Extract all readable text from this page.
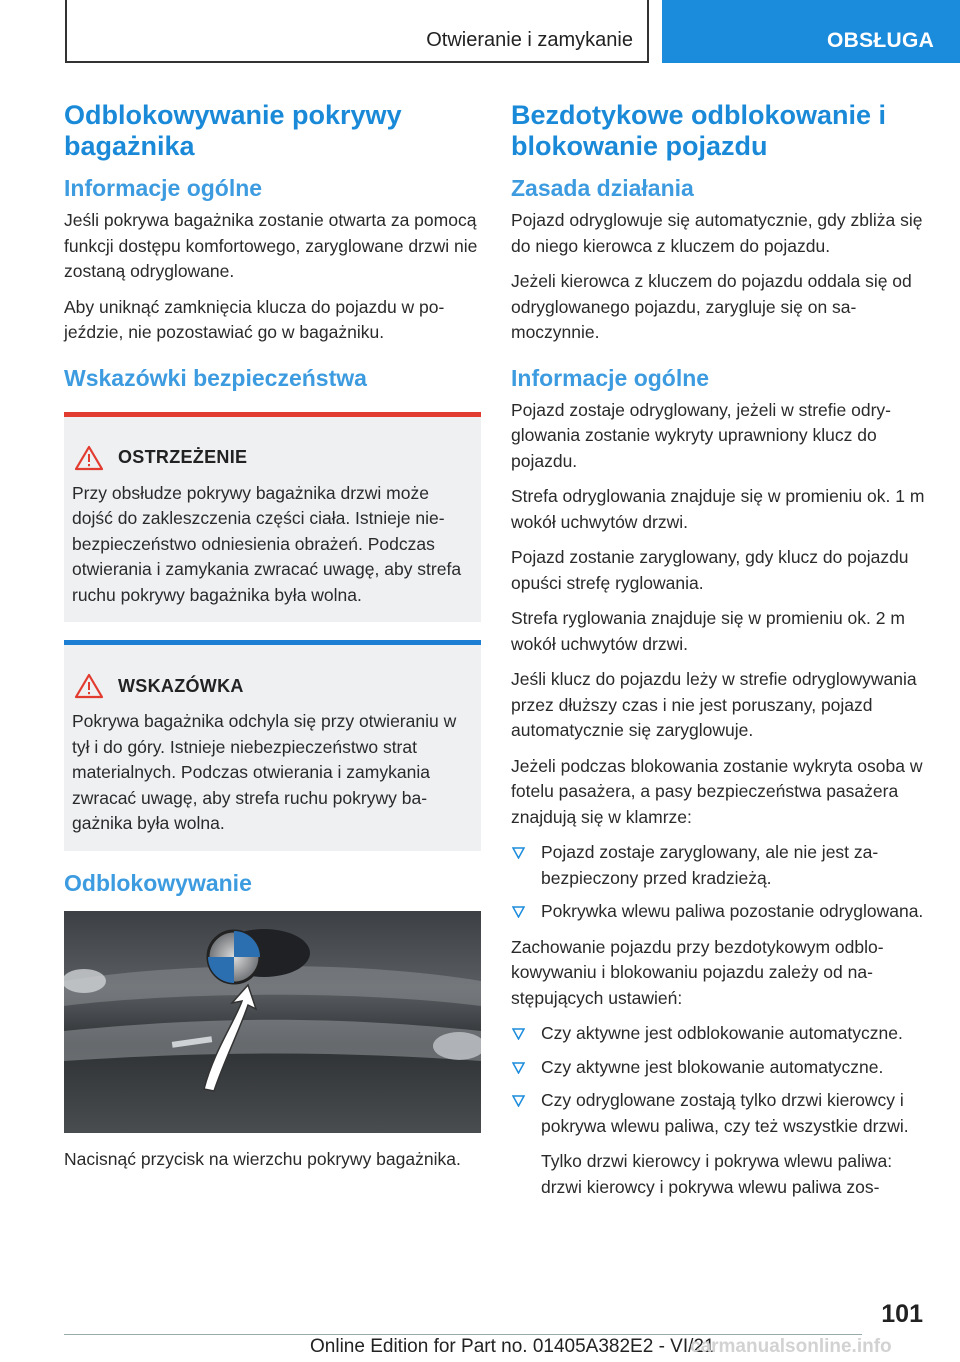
Otwieranie i zamykanie	OBSŁUGA
Odblokowywanie pokrywy bagażnika
Informacje ogólne

Jeśli pokrywa bagażnika zostanie otwarta za pomocą funkcji dostępu komfortowego, zaryglowane drzwi nie zostaną odryglowane.

Aby uniknąć zamknięcia klucza do pojazdu w pojeździe, nie pozostawiać go w bagażniku.

Wskazówki bezpieczeństwa
OSTRZEŻENIE

Przy obsłudze pokrywy bagażnika drzwi może dojść do zakleszczenia części ciała. Istnieje niebezpieczeństwo odniesienia obrażeń. Podczas otwierania i zamykania zwracać uwagę, aby strefa ruchu pokrywy bagażnika była wolna.

WSKAZÓWKA

Pokrywa bagażnika odchyla się przy otwieraniu w tył i do góry. Istnieje niebezpieczeństwo strat materialnych. Podczas otwierania i zamykania zwracać uwagę, aby strefa ruchu pokrywy bagażnika była wolna.

Odblokowywanie

Nacisnąć przycisk na wierzchu pokrywy bagażnika.

Bezdotykowe odblokowanie i blokowanie pojazdu
Zasada działania

Pojazd odryglowuje się automatycznie, gdy zbliża się do niego kierowca z kluczem do pojazdu.

Jeżeli kierowca z kluczem do pojazdu oddala się od odryglowanego pojazdu, zarygluje się on samoczynnie.

Informacje ogólne

Pojazd zostaje odryglowany, jeżeli w strefie odryglowania zostanie wykryty uprawniony klucz do pojazdu.

Strefa odryglowania znajduje się w promieniu ok. 1 m wokół uchwytów drzwi.

Pojazd zostanie zaryglowany, gdy klucz do pojazdu opuści strefę ryglowania.

Strefa ryglowania znajduje się w promieniu ok. 2 m wokół uchwytów drzwi.

Jeśli klucz do pojazdu leży w strefie odryglowywania przez dłuższy czas i nie jest poruszany, pojazd automatycznie się zaryglowuje.

Jeżeli podczas blokowania zostanie wykryta osoba w fotelu pasażera, a pasy bezpieczeństwa pasażera znajdują się w klamrze:

Pojazd zostaje zaryglowany, ale nie jest zabezpieczony przed kradzieżą.
Pokrywka wlewu paliwa pozostanie odryglowana.

Zachowanie pojazdu przy bezdotykowym odblokowywaniu i blokowaniu pojazdu zależy od następujących ustawień:

Czy aktywne jest odblokowanie automatyczne.
Czy aktywne jest blokowanie automatyczne.
Czy odryglowane zostają tylko drzwi kierowcy i pokrywa wlewu paliwa, czy też wszystkie drzwi.

Tylko drzwi kierowcy i pokrywa wlewu paliwa: drzwi kierowcy i pokrywa wlewu paliwa zos-

101
Online Edition for Part no. 01405A382E2 - VI/21
carmanualsonline.info
